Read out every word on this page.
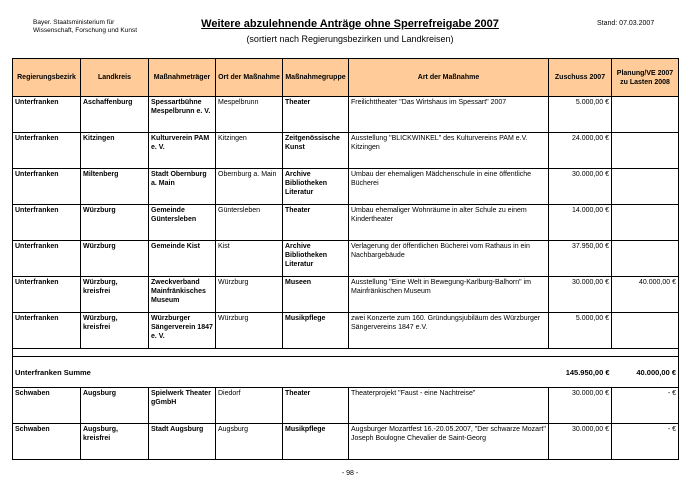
Bayer. Staatsministerium für
Wissenschaft, Forschung und Kunst
Weitere abzulehnende Anträge ohne Sperrefreigabe 2007
(sortiert nach Regierungsbezirken und Landkreisen)
Stand: 07.03.2007
Regierungsbezirk	Landkreis	Maßnahmeträger	Ort der Maßnahme	Maßnahmegruppe	Art der Maßnahme	Zuschuss 2007	Planung/VE 2007 zu Lasten 2008
Unterfranken	Aschaffenburg	Spessartbühne Mespelbrunn e. V.	Mespelbrunn	Theater	Freilichttheater "Das Wirtshaus im Spessart" 2007	5.000,00 €	
Unterfranken	Kitzingen	Kulturverein PAM e. V.	Kitzingen	Zeitgenössische Kunst	Ausstellung "BLICKWINKEL" des Kulturvereins PAM e.V. Kitzingen	24.000,00 €	
Unterfranken	Miltenberg	Stadt Obernburg a. Main	Obernburg a. Main	Archive Bibliotheken Literatur	Umbau der ehemaligen Mädchenschule in eine öffentliche Bücherei	30.000,00 €	
Unterfranken	Würzburg	Gemeinde Güntersleben	Güntersleben	Theater	Umbau ehemaliger Wohnräume in alter Schule zu einem Kindertheater	14.000,00 €	
Unterfranken	Würzburg	Gemeinde Kist	Kist	Archive Bibliotheken Literatur	Verlagerung der öffentlichen Bücherei vom Rathaus in ein Nachbargebäude	37.950,00 €	
Unterfranken	Würzburg, kreisfrei	Zweckverband Mainfränkisches Museum	Würzburg	Museen	Ausstellung "Eine Welt in Bewegung-Karlburg-Balhorn" im Mainfränkischen Museum	30.000,00 €	40.000,00 €
Unterfranken	Würzburg, kreisfrei	Würzburger Sängerverein 1847 e. V.	Würzburg	Musikpflege	zwei Konzerte zum 160. Gründungsjubiläum des Würzburger Sängervereins 1847 e.V.	5.000,00 €	

Unterfranken Summe						145.950,00 €	40.000,00 €
Schwaben	Augsburg	Spielwerk Theater gGmbH	Diedorf	Theater	Theaterprojekt "Faust - eine Nachtreise"	30.000,00 €	- €
Schwaben	Augsburg, kreisfrei	Stadt Augsburg	Augsburg	Musikpflege	Augsburger Mozartfest 16.-20.05.2007, "Der schwarze Mozart" Joseph Boulogne Chevalier de Saint-Georg	30.000,00 €	- €
- 98 -
